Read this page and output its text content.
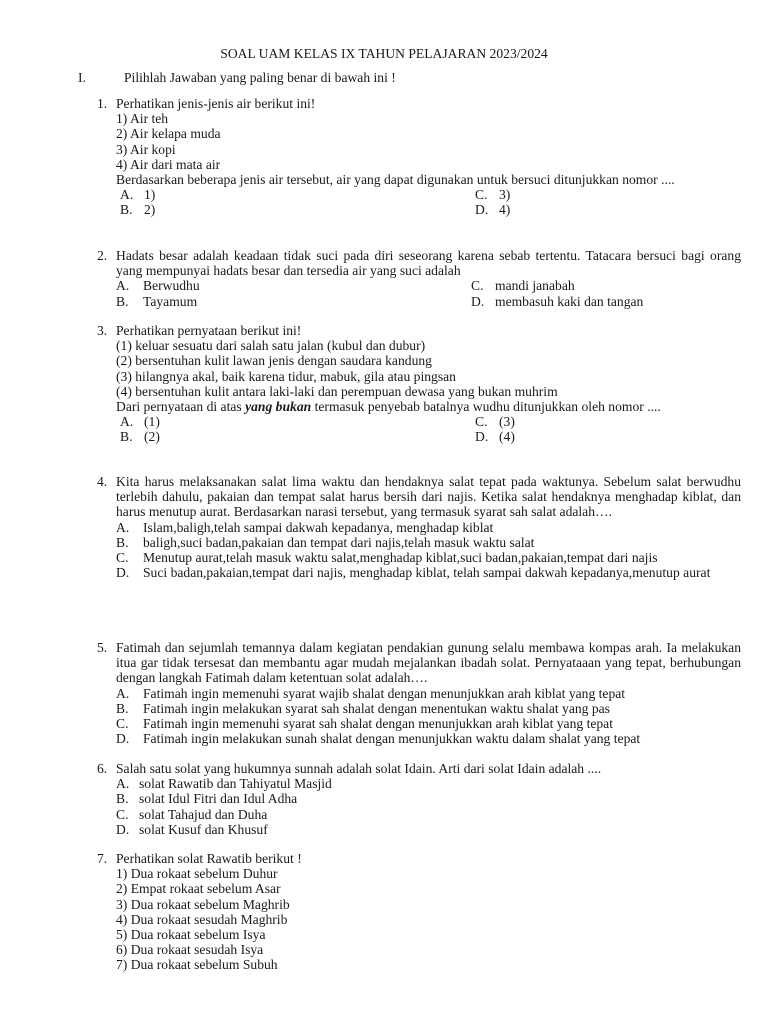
SOAL UAM KELAS IX TAHUN PELAJARAN 2023/2024
I.	Pilihlah Jawaban yang paling benar di bawah ini !
1. Perhatikan jenis-jenis air berikut ini!
1) Air teh
2) Air kelapa muda
3) Air kopi
4) Air dari mata air
Berdasarkan beberapa jenis air tersebut, air yang dapat digunakan untuk bersuci ditunjukkan nomor ....
A. 1)	C. 3)
B. 2)	D. 4)
2. Hadats besar adalah keadaan tidak suci pada diri seseorang karena sebab tertentu. Tatacara bersuci bagi orang yang mempunyai hadats besar dan tersedia air yang suci adalah
A.	Berwudhu	C. mandi janabah
B.	Tayamum	D. membasuh kaki dan tangan
3. Perhatikan pernyataan berikut ini!
(1) keluar sesuatu dari salah satu jalan (kubul dan dubur)
(2) bersentuhan kulit lawan jenis dengan saudara kandung
(3) hilangnya akal, baik karena tidur, mabuk, gila atau pingsan
(4) bersentuhan kulit antara laki-laki dan perempuan dewasa yang bukan muhrim
Dari pernyataan di atas yang bukan termasuk penyebab batalnya wudhu ditunjukkan oleh nomor ....
A. (1)	C. (3)
B. (2)	D. (4)
4. Kita harus melaksanakan salat lima waktu dan hendaknya salat tepat pada waktunya. Sebelum salat berwudhu terlebih dahulu, pakaian dan tempat salat harus bersih dari najis. Ketika salat hendaknya menghadap kiblat, dan harus menutup aurat. Berdasarkan narasi tersebut, yang termasuk syarat sah salat adalah….
A.	Islam,baligh,telah sampai dakwah kepadanya, menghadap kiblat
B.	baligh,suci badan,pakaian dan tempat dari najis,telah masuk waktu salat
C.	Menutup aurat,telah masuk waktu salat,menghadap kiblat,suci badan,pakaian,tempat dari najis
D.	Suci badan,pakaian,tempat dari najis, menghadap kiblat, telah sampai dakwah kepadanya,menutup aurat
5. Fatimah dan sejumlah temannya dalam kegiatan pendakian gunung selalu membawa kompas arah. Ia melakukan itua gar tidak tersesat dan membantu agar mudah mejalankan ibadah solat. Pernyataaan yang tepat, berhubungan dengan langkah Fatimah dalam ketentuan solat adalah….
A.	Fatimah ingin memenuhi syarat wajib shalat dengan menunjukkan arah kiblat yang tepat
B.	Fatimah ingin melakukan syarat sah shalat dengan menentukan waktu shalat yang pas
C.	Fatimah ingin memenuhi syarat sah shalat dengan menunjukkan arah kiblat yang tepat
D.	Fatimah ingin melakukan sunah shalat dengan menunjukkan waktu dalam shalat yang tepat
6. Salah satu solat yang hukumnya sunnah adalah solat Idain. Arti dari solat Idain adalah ....
A. solat Rawatib dan Tahiyatul Masjid
B. solat Idul Fitri dan Idul Adha
C. solat Tahajud dan Duha
D. solat Kusuf dan Khusuf
7. Perhatikan solat Rawatib berikut !
1) Dua rokaat sebelum Duhur
2) Empat rokaat sebelum Asar
3) Dua rokaat sebelum Maghrib
4) Dua rokaat sesudah Maghrib
5) Dua rokaat sebelum Isya
6) Dua rokaat sesudah Isya
7) Dua rokaat sebelum Subuh
